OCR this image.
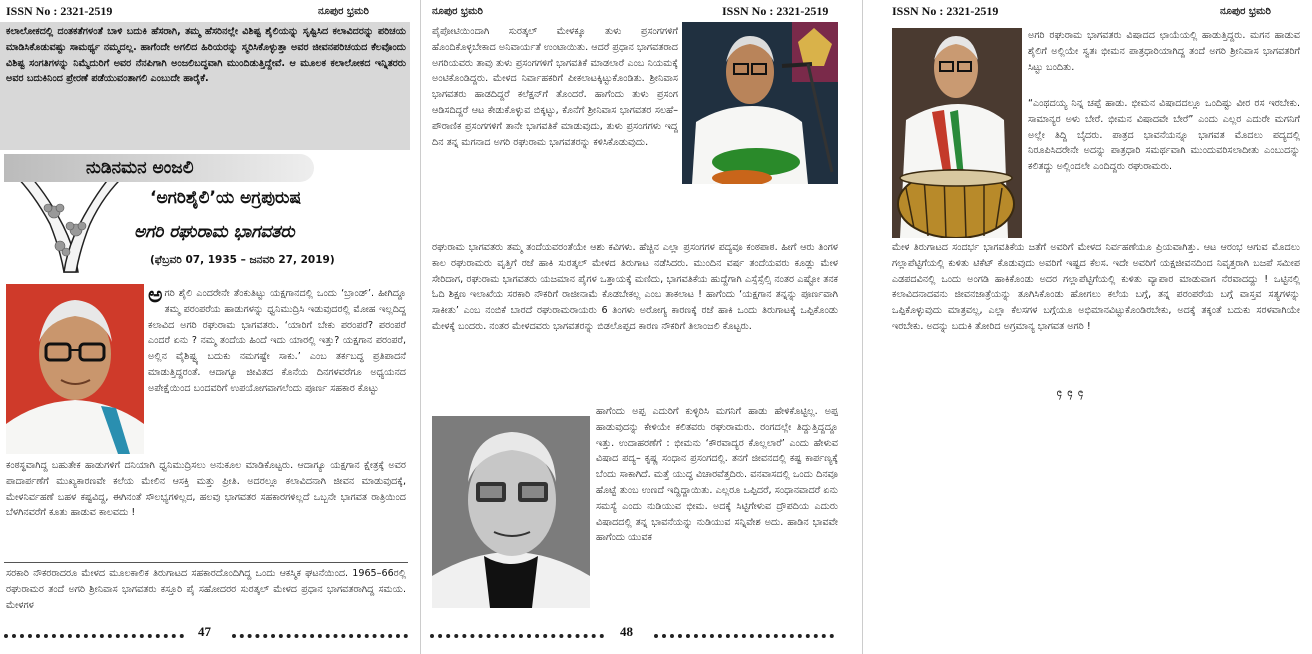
ISSN No : 2321-2519	ನೂಪುರ ಭ್ರಮರಿ
ಕಲಾಲೋಕದಲ್ಲಿ ದಂತಕತೆಗಳಂತೆ ಬಾಳಿ ಬದುಕಿ ಹೆಸರಾಗಿ, ತಮ್ಮ ಹೆಸರಿನಲ್ಲೇ ವಿಶಿಷ್ಟ ಶೈಲಿಯನ್ನು ಸೃಷ್ಟಿಸಿದ ಕಲಾವಿದರನ್ನು ಪರಿಚಯ ಮಾಡಿಸಿಕೊಡುವಷ್ಟು ಸಾಮರ್ಥ್ಯ ನಮ್ಮದಲ್ಲ. ಹಾಗೆಂದೇ ಅಗಲಿದ ಹಿರಿಯರನ್ನು ಸ್ಮರಿಸಿಕೊಳ್ಳುತ್ತಾ ಅವರ ಜೀವನಪರಿಚಯದ ಕೆಲವೊಂದು ವಿಶಿಷ್ಟ ಸಂಗತಿಗಳನ್ನು ನಿಮ್ಮೆದುರಿಗೆ ಅವರ ನೆನಪಿಗಾಗಿ ಅಂಜಲಿಬದ್ಧವಾಗಿ ಮುಂದಿಡುತ್ತಿದ್ದೇವೆ. ಆ ಮೂಲಕ ಕಲಾಲೋಕದ ಇನ್ನಿತರರು ಅವರ ಬದುಕಿನಿಂದ ಪ್ರೇರಣೆ ಪಡೆಯುವಂತಾಗಲಿ ಎಂಬುದೇ ಹಾರೈಕೆ.
ನುಡಿನಮನ ಅಂಜಲಿ
‘ಅಗರಿಶೈಲಿ’ಯ ಅಗ್ರಪುರುಷ
ಅಗರಿ ರಘುರಾಮ ಭಾಗವತರು
(ಫೆಬ್ರವರಿ 07, 1935 – ಜನವರಿ 27, 2019)
ಅಗರಿ ಶೈಲಿ ಎಂದರೇನೇ ತೆಂಕುತಿಟ್ಟು ಯಕ್ಷಗಾನದಲ್ಲಿ ಒಂದು ‘ಬ್ರಾಂಡ್’. ಹೀಗಿದ್ದೂ ತಮ್ಮ ಪರಂಪರೆಯ ಹಾಡುಗಳನ್ನು ಧ್ವನಿಮುದ್ರಿಸಿ ಇಡುವುದರಲ್ಲಿ ಮೋಹ ಇಲ್ಲದಿದ್ದ ಕಲಾವಿದ ಅಗರಿ ರಘುರಾಮ ಭಾಗವತರು. ‘ಯಾರಿಗೆ ಬೇಕು ಪರಂಪರೆ? ಪರಂಪರೆ ಎಂದರೆ ಏನು ? ನಮ್ಮ ತಂದೆಯ ಹಿಂದೆ ಇದು ಯಾರಲ್ಲಿ ಇತ್ತು? ಯಕ್ಷಗಾನ ಪರಂಪರೆ, ಅಲ್ಲಿನ ವೈಶಿಷ್ಟ್ಯ ಬದುಕು ನಮಗಷ್ಟೇ ಸಾಕು.’ ಎಂಬ ತರ್ಕಬದ್ಧ ಪ್ರತಿಪಾದನೆ ಮಾಡುತ್ತಿದ್ದರಂತೆ. ಆದಾಗ್ಯೂ ಜೀವಿತದ ಕೊನೆಯ ದಿನಗಳವರೆಗೂ ಅಧ್ಯಯನದ ಅಪೇಕ್ಷೆಯಿಂದ ಬಂದವರಿಗೆ ಉಪಯೋಗವಾಗಲೆಂದು ಪೂರ್ಣ ಸಹಕಾರ ಕೊಟ್ಟು
ಕಂಠಸ್ಥವಾಗಿದ್ದ ಬಹುತೇಕ ಹಾಡುಗಳಿಗೆ ದನಿಯಾಗಿ ಧ್ವನಿಮುದ್ರಿಸಲು ಅನುಕೂಲ ಮಾಡಿಕೊಟ್ಟರು. ಆದಾಗ್ಯೂ ಯಕ್ಷಗಾನ ಕ್ಷೇತ್ರಕ್ಕೆ ಅವರ ಪಾದಾರ್ಪಣೆಗೆ ಮುಖ್ಯಕಾರಣವೇ ಕಲೆಯ ಮೇಲಿನ ಆಸಕ್ತಿ ಮತ್ತು ಪ್ರೀತಿ. ಅದರಲ್ಲೂ ಕಲಾವಿದನಾಗಿ ಜೀವನ ಮಾಡುವುದಕ್ಕೆ, ಮೇಳನಿರ್ವಹಣೆ ಬಹಳ ಕಷ್ಟವಿದ್ದ, ಈಗಿನಂತೆ ಸೌಲಭ್ಯಗಳಿಲ್ಲದ, ಹಲವು ಭಾಗವತರ ಸಹಕಾರಗಳಿಲ್ಲದೆ ಒಬ್ಬನೇ ಭಾಗವತ ರಾತ್ರಿಯಿಂದ ಬೆಳಗಿನವರೆಗೆ ಕೂತು ಹಾಡುವ ಕಾಲವದು !
ಸರಕಾರಿ ನೌಕರರಾದರೂ ಮೇಳದ ಮೂಲಕಾಲಿಕ ತಿರುಗಾಟದ ಸಹಕಾರದೊಂದಿಗಿದ್ದ ಒಂದು ಆಕಸ್ಮಿಕ ಘಟನೆಯಿಂದ. 1965–66ರಲ್ಲಿ ರಘುರಾಮರ ತಂದೆ ಅಗರಿ ಶ್ರೀನಿವಾಸ ಭಾಗವತರು ಕಸ್ತೂರಿ ಪೈ ಸಹೋದರರ ಸುರತ್ಕಲ್ ಮೇಳದ ಪ್ರಧಾನ ಭಾಗವತರಾಗಿದ್ದ ಸಮಯ. ಮೇಳಗಳ
47
ನೂಪುರ ಭ್ರಮರಿ	ISSN No : 2321-2519
ಪೈಪೋಟಿಯಿಂದಾಗಿ ಸುರತ್ಕಲ್ ಮೇಳಕ್ಕೂ ತುಳು ಪ್ರಸಂಗಗಳಿಗೆ ಹೊಂದಿಕೊಳ್ಳಬೇಕಾದ ಅನಿವಾರ್ಯತೆ ಉಂಟಾಯಿತು. ಆದರೆ ಪ್ರಧಾನ ಭಾಗವತರಾದ ಅಗರಿಯವರು ತಾವು ತುಳು ಪ್ರಸಂಗಗಳಿಗೆ ಭಾಗವತಿಕೆ ಮಾಡಲಾರೆ ಎಂಬ ನಿಯಮಕ್ಕೆ ಅಂಟಿಕೊಂಡಿದ್ದರು. ಮೇಳದ ನಿರ್ವಾಹಕರಿಗೆ ಪೀಕಲಾಟಕ್ಕಿಟ್ಟುಕೊಂಡಿತು. ಶ್ರೀನಿವಾಸ ಭಾಗವತರು ಹಾಡದಿದ್ದರೆ ಕಲೆಕ್ಷನ್‌ಗೆ ತೊಂದರೆ. ಹಾಗೆಂದು ತುಳು ಪ್ರಸಂಗ ಆಡಿಸದಿದ್ದರೆ ಆಟ ಕೇಡುಕೊಳ್ಳುವ ಬಿಕ್ಕಟ್ಟು, ಕೊನೆಗೆ ಶ್ರೀನಿವಾಸ ಭಾಗವತರ ಸಲಹೆ– ಪೌರಾಣಿಕ ಪ್ರಸಂಗಗಳಿಗೆ ತಾನೇ ಭಾಗವತಿಕೆ ಮಾಡುವುದು, ತುಳು ಪ್ರಸಂಗಗಳು ಇದ್ದ ದಿನ ತನ್ನ ಮಗನಾದ ಅಗರಿ ರಘುರಾಮ ಭಾಗವತರನ್ನು ಕಳಿಸಿಕೊಡುವುದು.
ರಘುರಾಮ ಭಾಗವತರು ತಮ್ಮ ತಂದೆಯವರಂತೆಯೇ ಆಶು ಕವಿಗಳು. ಹೆಚ್ಚಿನ ಎಲ್ಲಾ ಪ್ರಸಂಗಗಳ ಪದ್ಯವೂ ಕಂಠಪಾಠ. ಹೀಗೆ ಆರು ತಿಂಗಳ ಕಾಲ ರಘುರಾಮರು ವೃತ್ತಿಗೆ ರಜೆ ಹಾಕಿ ಸುರತ್ಕಲ್ ಮೇಳದ ತಿರುಗಾಟ ನಡೆಸಿದರು. ಮುಂದಿನ ವರ್ಷ ತಂದೆಯವರು ಕೂಡ್ಲು ಮೇಳ ಸೇರಿದಾಗ, ರಘುರಾಮ ಭಾಗವತರು ಯಜಮಾನ ಪೈಗಳ ಒತ್ತಾಯಕ್ಕೆ ಮಣಿದು, ಭಾಗವತಿಕೆಯ ಹುದ್ದೆಗಾಗಿ ಎಸ್ಸೆಸ್ಸೆಲ್ಸಿ ನಂತರ ಎಷ್ಟೋ ತನಕ ಓದಿ ಶಿಕ್ಷಣ ಇಲಾಖೆಯ ಸರಕಾರಿ ನೌಕರಿಗೆ ರಾಜೀನಾಮೆ ಕೊಡಬೇಕಲ್ಲ ಎಂಬ ತಾಕಲಾಟ ! ಹಾಗೆಂದು ‘ಯಕ್ಷಗಾನ ತನ್ನನ್ನು ಪೂರ್ಣವಾಗಿ ಸಾಕೀತು’ ಎಂಬ ನಂಬಿಕೆ ಬಾರದೆ ರಘುರಾಮರಾಯರು 6 ತಿಂಗಳು ಅರೋಗ್ಯ ಕಾರಣಕ್ಕೆ ರಜೆ ಹಾಕಿ ಒಂದು ತಿರುಗಾಟಕ್ಕೆ ಒಪ್ಪಿಕೊಂಡು ಮೇಳಕ್ಕೆ ಬಂದರು. ನಂತರ ಮೇಳದವರು ಭಾಗವತರನ್ನು ಬಿಡಲೊಪ್ಪದ ಕಾರಣ ನೌಕರಿಗೆ ತಿಲಾಂಜಲಿ ಕೊಟ್ಟರು.
ಹಾಗೆಂದು ಅಪ್ಪ ಎದುರಿಗೆ ಕುಳ್ಳಿರಿಸಿ ಮಗನಿಗೆ ಹಾಡು ಹೇಳಿಕೊಟ್ಟಿಲ್ಲ. ಅಪ್ಪ ಹಾಡುವುದನ್ನು ಕೇಳಿಯೇ ಕಲಿತವರು ರಘುರಾಮರು. ರಂಗದಲ್ಲೇ ತಿದ್ದುತ್ತಿದ್ದದ್ದೂ ಇತ್ತು. ಉದಾಹರಣೆಗೆ : ಭೀಮನು ‘ಕೌರವಾದ್ಯರ ಕೊಲ್ಲಲಾರೆ’ ಎಂದು ಹೇಳುವ ವಿಷಾದ ಪದ್ಯ– ಕೃಷ್ಣ ಸಂಧಾನ ಪ್ರಸಂಗದಲ್ಲಿ. ತನಗೆ ಜೀವನದಲ್ಲಿ ಕಷ್ಟ ಕಾರ್ಪಣ್ಯಕ್ಕೆ ಬೆಂದು ಸಾಕಾಗಿದೆ. ಮತ್ತೆ ಯುದ್ಧ ವಿಚಾರವೆತ್ತದಿರು. ವನವಾಸದಲ್ಲಿ ಒಂದು ದಿನವೂ ಹೊಟ್ಟೆ ತುಂಬ ಉಣದೆ ಇದ್ದಿದ್ದಾಯಿತು. ಎಲ್ಲರೂ ಒಪ್ಪಿದರೆ, ಸಂಧಾನವಾದರೆ ಏನು ಸಮಸ್ಯೆ ಎಂದು ನುಡಿಯುವ ಭೀಮ. ಅದಕ್ಕೆ ಸಿಟ್ಟಿಗೇಳುವ ದ್ರೌಪದಿಯ ಎದುರು ವಿಷಾದದಲ್ಲಿ ತನ್ನ ಭಾವನೆಯನ್ನು ನುಡಿಯುವ ಸನ್ನಿವೇಶ ಅದು. ಹಾಡಿನ ಭಾವವೇ ಹಾಗೆಂದು ಯುವಕ
48
ISSN No : 2321-2519	ನೂಪುರ ಭ್ರಮರಿ
ಅಗರಿ ರಘುರಾಮ ಭಾಗವತರು ವಿಷಾದದ ಛಾಯೆಯಲ್ಲಿ ಹಾಡುತ್ತಿದ್ದರು. ಮಗನ ಹಾಡುವ ಶೈಲಿಗೆ ಅಲ್ಲಿಯೇ ಸ್ವತಃ ಭೀಮನ ಪಾತ್ರಧಾರಿಯಾಗಿದ್ದ ತಂದೆ ಅಗರಿ ಶ್ರೀನಿವಾಸ ಭಾಗವತರಿಗೆ ಸಿಟ್ಟು ಬಂದಿತು.
“ಎಂಥದಯ್ಯ ನಿನ್ನ ಚಪ್ಪೆ ಹಾಡು. ಭೀಮನ ವಿಷಾದದಲ್ಲೂ ಒಂದಿಷ್ಟು ವೀರ ರಸ ಇರಬೇಕು. ಸಾಮಾನ್ಯರ ಅಳು ಬೇರೆ. ಭೀಮನ ವಿಷಾದವೇ ಬೇರೆ” ಎಂದು ಎಲ್ಲರ ಎದುರೇ ಮಗನಿಗೆ ಅಲ್ಲೇ ತಿದ್ದಿ ಬೈದರು. ಪಾತ್ರದ ಭಾವನೆಯನ್ನೂ ಭಾಗವತ ಮೊದಲು ಪದ್ಯದಲ್ಲಿ ನಿರೂಪಿಸಿದರೇನೇ ಅದನ್ನು ಪಾತ್ರಧಾರಿ ಸಮರ್ಥವಾಗಿ ಮುಂದುವರಿಸಲಾದೀತು ಎಂಬುದನ್ನು ಕಲಿತದ್ದು ಅಲ್ಲಿಂದಲೇ ಎಂದಿದ್ದರು ರಘುರಾಮರು.
ಮೇಳ ತಿರುಗಾಟದ ಸಂದರ್ಭ ಭಾಗವತಿಕೆಯ ಜತೆಗೆ ಅವರಿಗೆ ಮೇಳದ ನಿರ್ವಹಣೆಯೂ ಪ್ರಿಯವಾಗಿತ್ತು. ಆಟ ಆರಂಭ ಆಗುವ ಮೊದಲು ಗಲ್ಲಾಪೆಟ್ಟಿಗೆಯಲ್ಲಿ ಕುಳಿತು ಟಿಕೆಟ್ ಕೊಡುವುದು ಅವರಿಗೆ ಇಷ್ಟದ ಕೆಲಸ. ಇದೇ ಅವರಿಗೆ ಯಕ್ಷಜೀವನದಿಂದ ನಿವೃತ್ತರಾಗಿ ಬಜಪೆ ಸಮೀಪ ಎಡಪದವಿನಲ್ಲಿ ಒಂದು ಅಂಗಡಿ ಹಾಕಿಕೊಂಡು ಅದರ ಗಲ್ಲಾಪೆಟ್ಟಿಗೆಯಲ್ಲಿ ಕುಳಿತು ವ್ಯಾಪಾರ ಮಾಡುವಾಗ ನೆರವಾದದ್ದು ! ಒಟ್ಟಿನಲ್ಲಿ ಕಲಾವಿದನಾದವನು ಜೀವನಜಾತ್ರೆಯನ್ನು ತೂಗಿಸಿಕೊಂಡು ಹೋಗಲು ಕಲೆಯ ಬಗ್ಗೆ, ತನ್ನ ಪರಂಪರೆಯ ಬಗ್ಗೆ ವಾಸ್ತವ ಸತ್ಯಗಳನ್ನು ಒಪ್ಪಿಕೊಳ್ಳುವುದು ಮಾತ್ರವಲ್ಲ, ಎಲ್ಲಾ ಕೆಲಸಗಳ ಬಗ್ಗೆಯೂ ಅಭಿಮಾನವಿಟ್ಟುಕೊಂಡಿರಬೇಕು, ಅದಕ್ಕೆ ತಕ್ಕಂತೆ ಬದುಕು ಸರಳವಾಗಿಯೇ ಇರಬೇಕು. ಅದನ್ನು ಬದುಕಿ ತೋರಿದ ಅಗ್ರಮಾನ್ಯ ಭಾಗವತ ಅಗರಿ !
᪄᪄᪄
